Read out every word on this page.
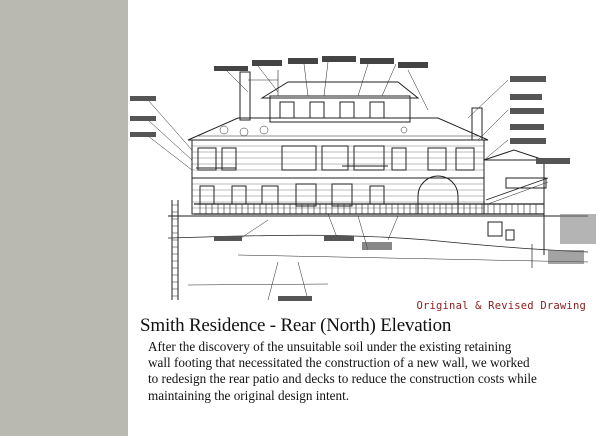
Original & Revised Drawing
Smith Residence - Rear (North) Elevation

After the discovery of the unsuitable soil under the existing retaining
wall footing that necessitated the construction of a new wall, we worked
to redesign the rear patio and decks to reduce the construction costs while
maintaining the original design intent.
